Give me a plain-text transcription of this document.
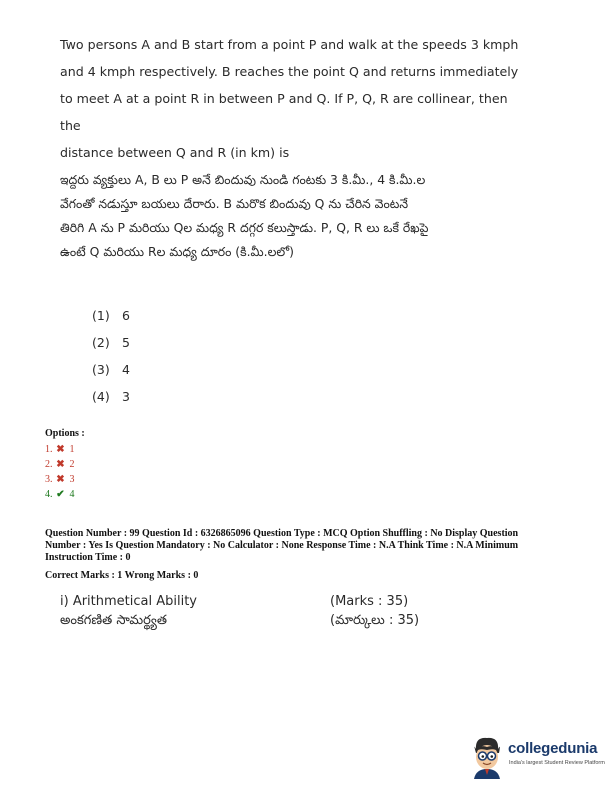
Two persons A and B start from a point P and walk at the speeds 3 kmph
and 4 kmph respectively. B reaches the point Q and returns immediately
to meet A at a point R in between P and Q. If P, Q, R are collinear, then the
distance between Q and R (in km) is
ఇద్దరు వ్యక్తులు A, B లు P అనే బిందువు నుండి గంటకు 3 కి.మీ., 4 కి.మీ.ల
వేగంతో నడుస్తూ బయలు దేరారు. B మరొక బిందువు Q ను చేరిన వెంటనే
తిరిగి A ను P మరియు Qల మధ్య R దగ్గర కలుస్తాడు. P, Q, R లు ఒకే రేఖపై
ఉంటే Q మరియు Rల మధ్య దూరం (కి.మీ.లలో)
(1) 6
(2) 5
(3) 4
(4) 3
Options :
1. ✖ 1
2. ✖ 2
3. ✖ 3
4. ✔ 4
Question Number : 99 Question Id : 6326865096 Question Type : MCQ Option Shuffling : No Display Question
Number : Yes Is Question Mandatory : No Calculator : None Response Time : N.A Think Time : N.A Minimum
Instruction Time : 0
Correct Marks : 1 Wrong Marks : 0
i) Arithmetical Ability	(Marks : 35)
అంకగణిత సామర్థ్యత	(మార్కులు : 35)
collegedunia
India's largest Student Review Platform
